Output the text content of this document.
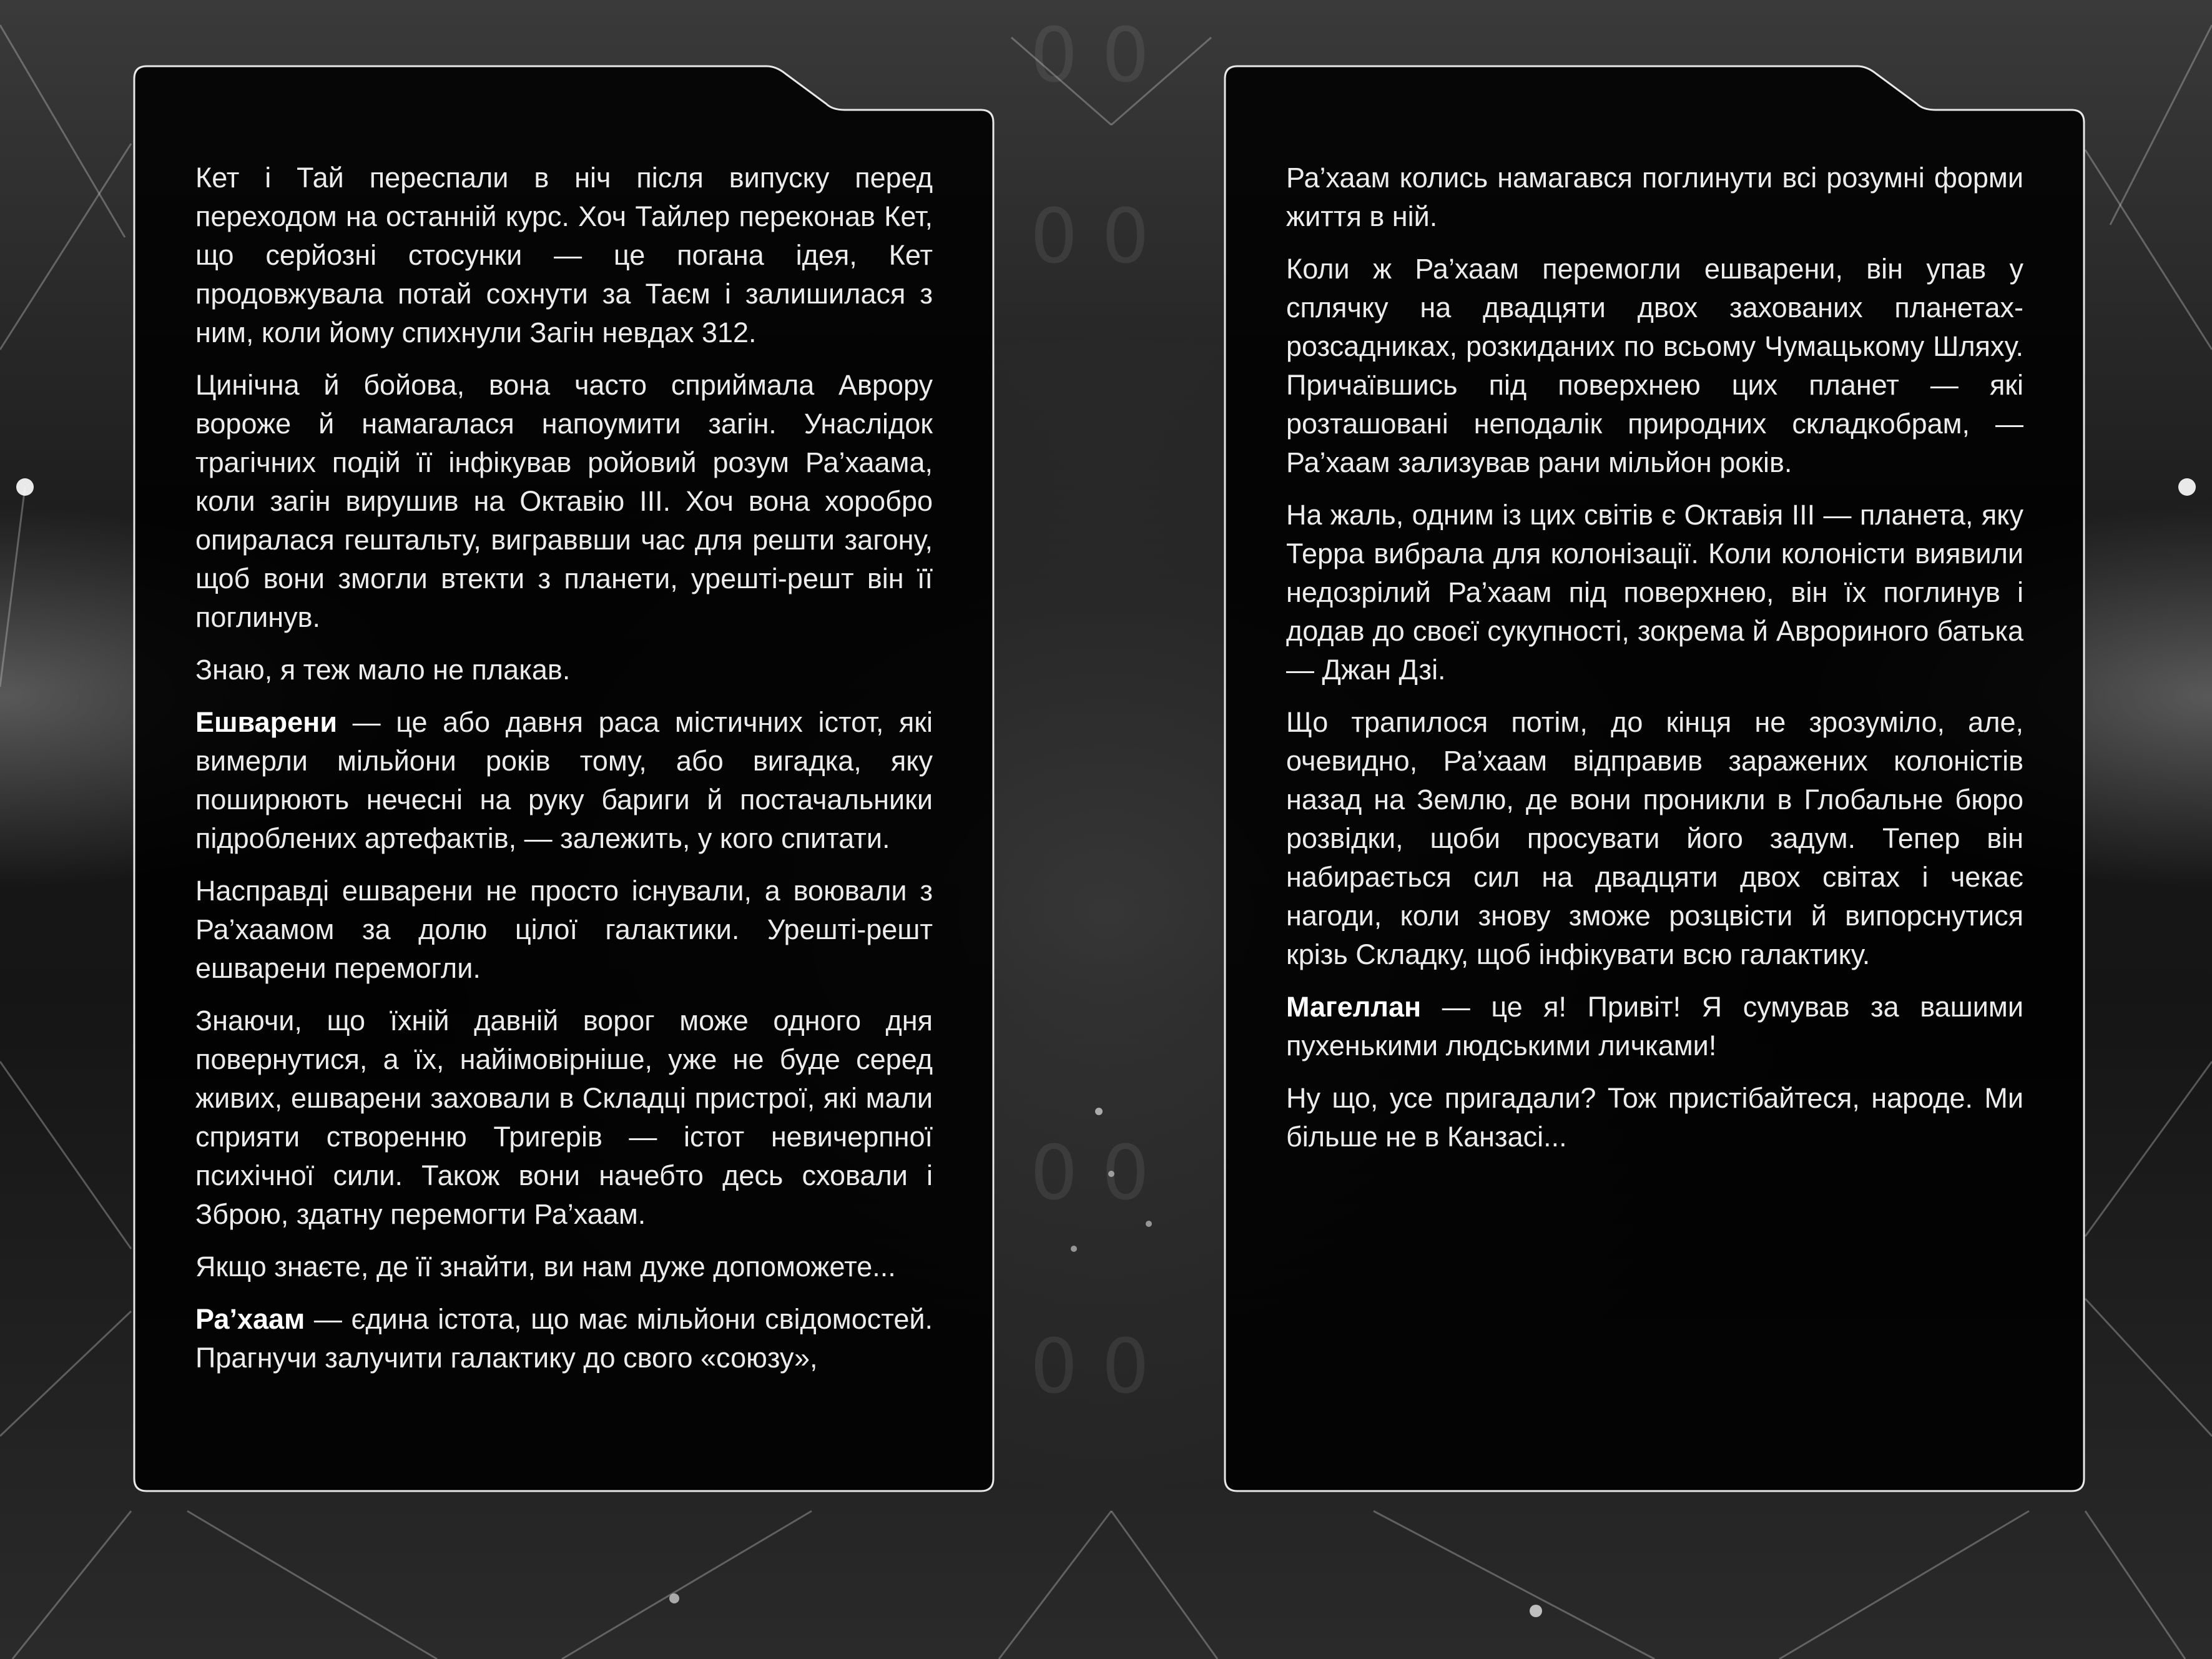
0 0
0 0
0 0
0 0

Кет і Тай переспали в ніч після випуску перед переходом на останній курс. Хоч Тайлер переконав Кет, що серйозні стосунки — це погана ідея, Кет продовжувала потай сохнути за Таєм і залишилася з ним, коли йому спихнули Загін невдах 312.

Цинічна й бойова, вона часто сприймала Аврору вороже й намагалася напоумити загін. Унаслідок трагічних подій її інфікував ройовий розум Ра’хаама, коли загін вирушив на Октавію III. Хоч вона хоробро опиралася гештальту, виграввши час для решти загону, щоб вони змогли втекти з планети, урешті-решт він її поглинув.

Знаю, я теж мало не плакав.

Ешварени — це або давня раса містичних істот, які вимерли мільйони років тому, або вигадка, яку поширюють нечесні на руку бариги й постачальники підроблених артефактів, — залежить, у кого спитати.

Насправді ешварени не просто існували, а воювали з Ра’хаамом за долю цілої галактики. Урешті-решт ешварени перемогли.

Знаючи, що їхній давній ворог може одного дня повернутися, а їх, найімовірніше, уже не буде серед живих, ешварени заховали в Складці пристрої, які мали сприяти створенню Тригерів — істот невичерпної психічної сили. Також вони начебто десь сховали і Зброю, здатну перемогти Ра’хаам.

Якщо знаєте, де її знайти, ви нам дуже допоможете...

Ра’хаам — єдина істота, що має мільйони свідомостей. Прагнучи залучити галактику до свого «союзу»,

Ра’хаам колись намагався поглинути всі розумні форми життя в ній.

Коли ж Ра’хаам перемогли ешварени, він упав у сплячку на двадцяти двох захованих планетах-розсадниках, розкиданих по всьому Чумацькому Шляху. Причаївшись під поверхнею цих планет — які розташовані неподалік природних складкобрам, — Ра’хаам зализував рани мільйон років.

На жаль, одним із цих світів є Октавія III — планета, яку Терра вибрала для колонізації. Коли колоністи виявили недозрілий Ра’хаам під поверхнею, він їх поглинув і додав до своєї сукупності, зокрема й Аврориного батька — Джан Дзі.

Що трапилося потім, до кінця не зрозуміло, але, очевидно, Ра’хаам відправив заражених колоністів назад на Землю, де вони проникли в Глобальне бюро розвідки, щоби просувати його задум. Тепер він набирається сил на двадцяти двох світах і чекає нагоди, коли знову зможе розцвісти й випорснутися крізь Складку, щоб інфікувати всю галактику.

Магеллан — це я! Привіт! Я сумував за вашими пухенькими людськими личками!

Ну що, усе пригадали? Тож пристібайтеся, народе. Ми більше не в Канзасі...
